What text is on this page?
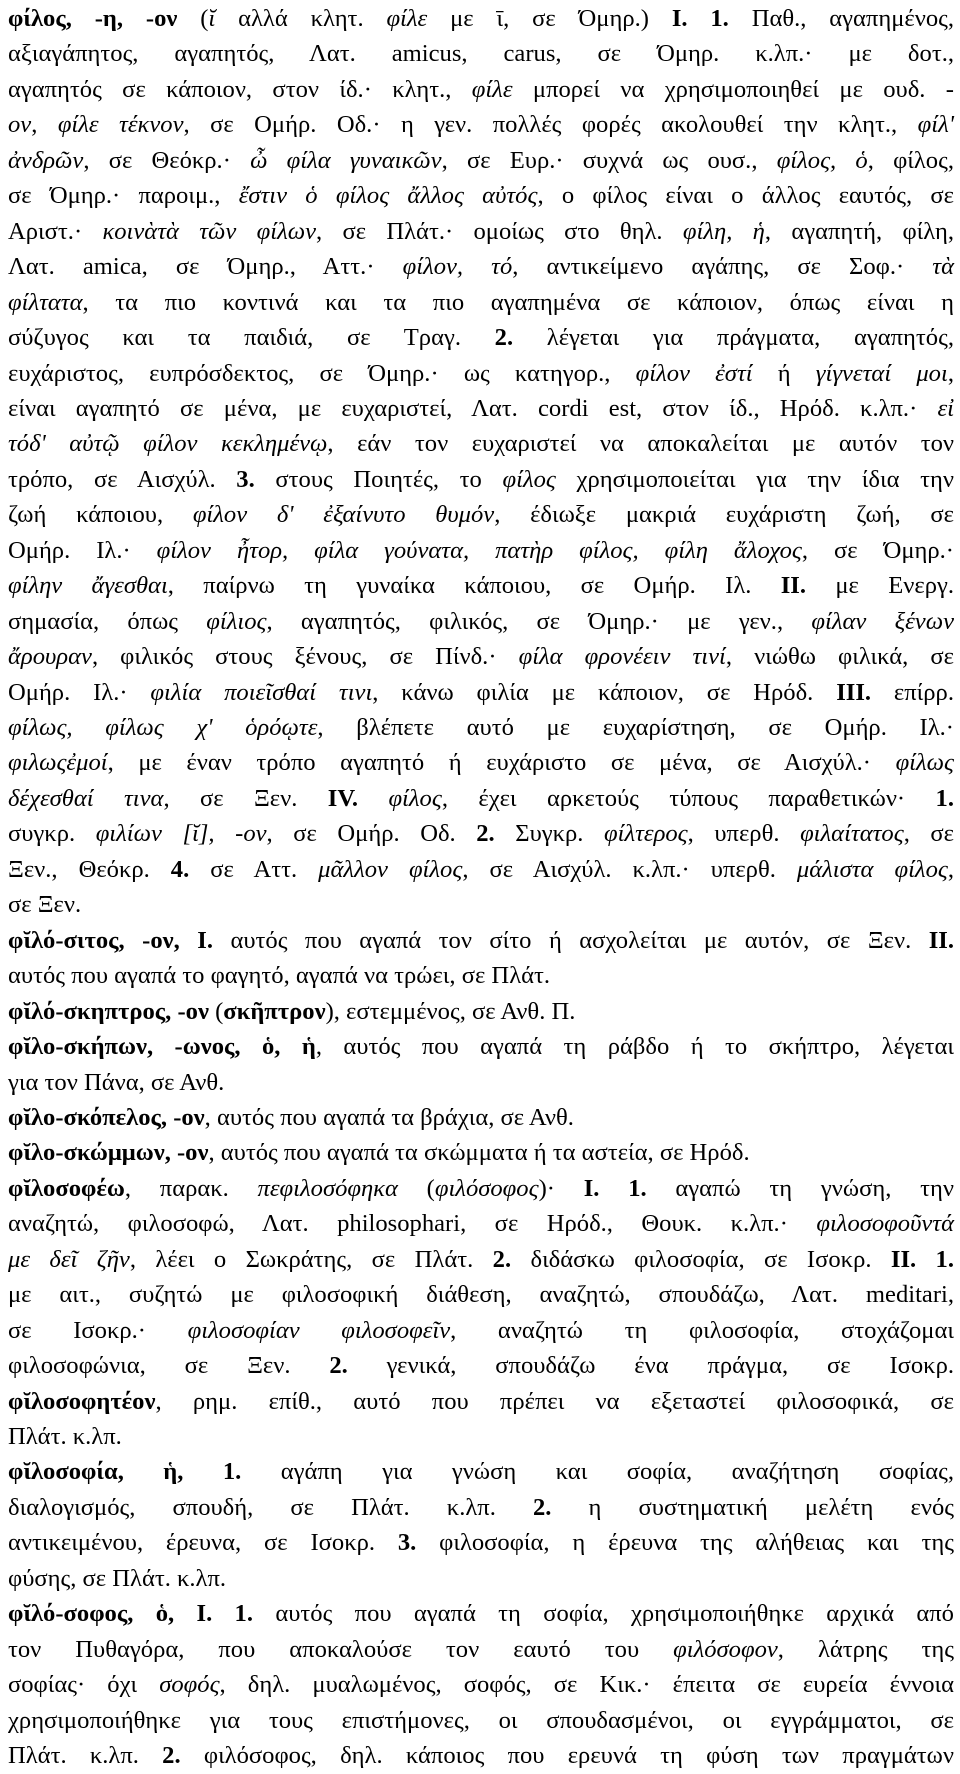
φίλος, -η, -ον (ῐ αλλά κλητ. φίλε με ῑ, σε Όμηρ.) I. 1. Παθ., αγαπημένος,
αξιαγάπητος, αγαπητός, Λατ. amicus, carus, σε Όμηρ. κ.λπ.· με δοτ.,
αγαπητός σε κάποιον, στον ίδ.· κλητ., φίλε μπορεί να χρησιμοποιηθεί με ουδ. -
ον, φίλε τέκνον, σε Ομήρ. Οδ.· η γεν. πολλές φορές ακολουθεί την κλητ., φίλ'
ἀνδρῶν, σε Θεόκρ.· ὦ φίλα γυναικῶν, σε Ευρ.· συχνά ως ουσ., φίλος, ὁ, φίλος,
σε Όμηρ.· παροιμ., ἔστιν ὁ φίλος ἄλλος αὐτός, ο φίλος είναι ο άλλος εαυτός, σε
Αριστ.· κοινὰτὰ τῶν φίλων, σε Πλάτ.· ομοίως στο θηλ. φίλη, ἡ, αγαπητή, φίλη,
Λατ. amica, σε Όμηρ., Αττ.· φίλον, τό, αντικείμενο αγάπης, σε Σοφ.· τὰ
φίλτατα, τα πιο κοντινά και τα πιο αγαπημένα σε κάποιον, όπως είναι η
σύζυγος και τα παιδιά, σε Τραγ. 2. λέγεται για πράγματα, αγαπητός,
ευχάριστος, ευπρόσδεκτος, σε Όμηρ.· ως κατηγορ., φίλον ἐστί ή γίγνεταί μοι,
είναι αγαπητό σε μένα, με ευχαριστεί, Λατ. cordi est, στον ίδ., Ηρόδ. κ.λπ.· εἰ
τόδ' αὐτῷ φίλον κεκλημένῳ, εάν τον ευχαριστεί να αποκαλείται με αυτόν τον
τρόπο, σε Αισχύλ. 3. στους Ποιητές, το φίλος χρησιμοποιείται για την ίδια την
ζωή κάποιου, φίλον δ' ἐξαίνυτο θυμόν, έδιωξε μακριά ευχάριστη ζωή, σε
Ομήρ. Ιλ.· φίλον ἦτορ, φίλα γούνατα, πατὴρ φίλος, φίλη ἄλοχος, σε Όμηρ.·
φίλην ἄγεσθαι, παίρνω τη γυναίκα κάποιου, σε Ομήρ. Ιλ. II. με Ενεργ.
σημασία, όπως φίλιος, αγαπητός, φιλικός, σε Όμηρ.· με γεν., φίλαν ξένων
ἄρουραν, φιλικός στους ξένους, σε Πίνδ.· φίλα φρονέειν τινί, νιώθω φιλικά, σε
Ομήρ. Ιλ.· φιλία ποιεῖσθαί τινι, κάνω φιλία με κάποιον, σε Ηρόδ. III. επίρρ.
φίλως, φίλως χ' ὁρόῳτε, βλέπετε αυτό με ευχαρίστηση, σε Ομήρ. Ιλ.·
φιλωςἐμοί, με έναν τρόπο αγαπητό ή ευχάριστο σε μένα, σε Αισχύλ.· φίλως
δέχεσθαί τινα, σε Ξεν. IV. φίλος, έχει αρκετούς τύπους παραθετικών· 1.
συγκρ. φιλίων [ῐ], -ον, σε Ομήρ. Οδ. 2. Συγκρ. φίλτερος, υπερθ. φιλαίτατος, σε
Ξεν., Θεόκρ. 4. σε Αττ. μᾶλλον φίλος, σε Αισχύλ. κ.λπ.· υπερθ. μάλιστα φίλος,
σε Ξεν.
φῐλό-σιτος, -ον, I. αυτός που αγαπά τον σίτο ή ασχολείται με αυτόν, σε Ξεν. II.
αυτός που αγαπά το φαγητό, αγαπά να τρώει, σε Πλάτ.
φῐλό-σκηπτρος, -ον (σκῆπτρον), εστεμμένος, σε Ανθ. Π.
φῐλο-σκήπων, -ωνος, ὁ, ἡ, αυτός που αγαπά τη ράβδο ή το σκήπτρο, λέγεται
για τον Πάνα, σε Ανθ.
φῐλο-σκόπελος, -ον, αυτός που αγαπά τα βράχια, σε Ανθ.
φῐλο-σκώμμων, -ον, αυτός που αγαπά τα σκώμματα ή τα αστεία, σε Ηρόδ.
φῐλοσοφέω, παρακ. πεφιλοσόφηκα (φιλόσοφος)· I. 1. αγαπώ τη γνώση, την
αναζητώ, φιλοσοφώ, Λατ. philosophari, σε Ηρόδ., Θουκ. κ.λπ.· φιλοσοφοῦντά
με δεῖ ζῆν, λέει ο Σωκράτης, σε Πλάτ. 2. διδάσκω φιλοσοφία, σε Ισοκρ. II. 1.
με αιτ., συζητώ με φιλοσοφική διάθεση, αναζητώ, σπουδάζω, Λατ. meditari,
σε Ισοκρ.· φιλοσοφίαν φιλοσοφεῖν, αναζητώ τη φιλοσοφία, στοχάζομαι
φιλοσοφώνια, σε Ξεν. 2. γενικά, σπουδάζω ένα πράγμα, σε Ισοκρ.
φῐλοσοφητέον, ρημ. επίθ., αυτό που πρέπει να εξεταστεί φιλοσοφικά, σε
Πλάτ. κ.λπ.
φῐλοσοφία, ἡ, 1. αγάπη για γνώση και σοφία, αναζήτηση σοφίας,
διαλογισμός, σπουδή, σε Πλάτ. κ.λπ. 2. η συστηματική μελέτη ενός
αντικειμένου, έρευνα, σε Ισοκρ. 3. φιλοσοφία, η έρευνα της αλήθειας και της
φύσης, σε Πλάτ. κ.λπ.
φῐλό-σοφος, ὁ, I. 1. αυτός που αγαπά τη σοφία, χρησιμοποιήθηκε αρχικά από
τον Πυθαγόρα, που αποκαλούσε τον εαυτό του φιλόσοφον, λάτρης της
σοφίας· όχι σοφός, δηλ. μυαλωμένος, σοφός, σε Κικ.· έπειτα σε ευρεία έννοια
χρησιμοποιήθηκε για τους επιστήμονες, οι σπουδασμένοι, οι εγγράμματοι, σε
Πλάτ. κ.λπ. 2. φιλόσοφος, δηλ. κάποιος που ερευνά τη φύση των πραγμάτων
